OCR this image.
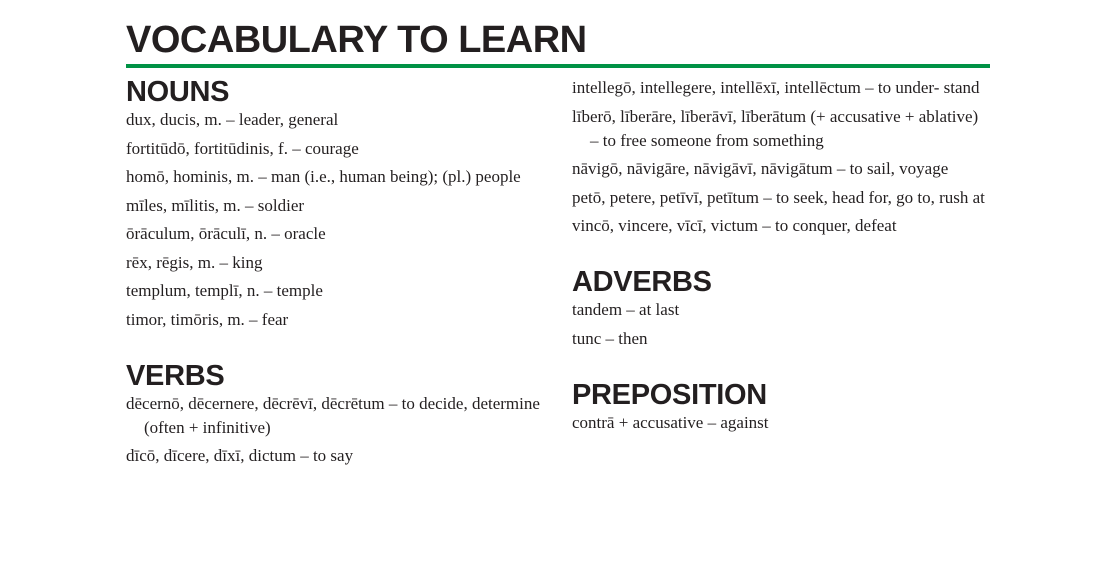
VOCABULARY TO LEARN
NOUNS

dux, ducis, m. – leader, general

fortitūdō, fortitūdinis, f. – courage

homō, hominis, m. – man (i.e., human being); (pl.) people

mīles, mīlitis, m. – soldier

ōrāculum, ōrāculī, n. – oracle

rēx, rēgis, m. – king

templum, templī, n. – temple

timor, timōris, m. – fear

VERBS

dēcernō, dēcernere, dēcrēvī, dēcrētum – to decide, determine (often + infinitive)

dīcō, dīcere, dīxī, dictum – to say

intellegō, intellegere, intellēxī, intellēctum – to under- stand

līberō, līberāre, līberāvī, līberātum (+ accusative + ablative) – to free someone from something

nāvigō, nāvigāre, nāvigāvī, nāvigātum – to sail, voyage

petō, petere, petīvī, petītum – to seek, head for, go to, rush at

vincō, vincere, vīcī, victum – to conquer, defeat

ADVERBS

tandem – at last

tunc – then

PREPOSITION

contrā + accusative – against
